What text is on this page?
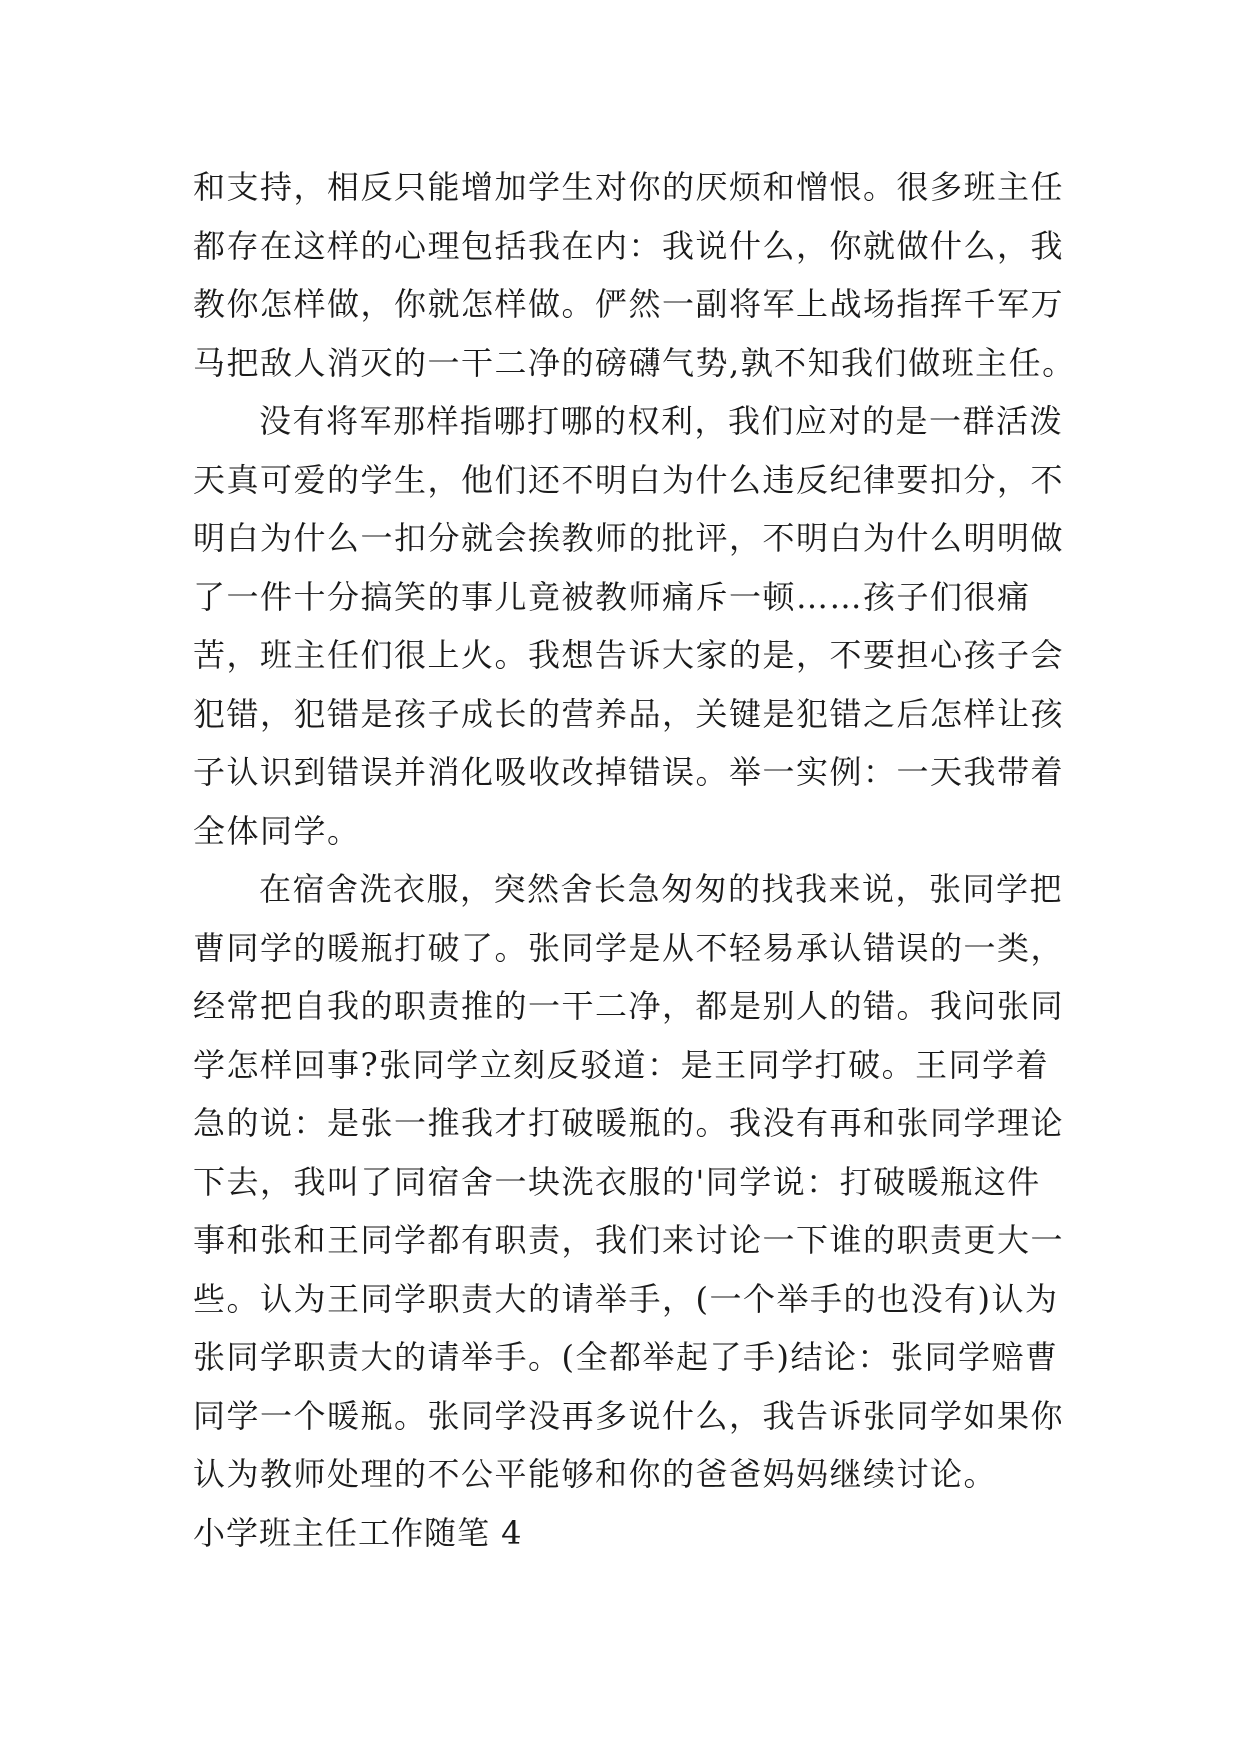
和支持，相反只能增加学生对你的厌烦和憎恨。很多班主任
都存在这样的心理包括我在内：我说什么，你就做什么，我
教你怎样做，你就怎样做。俨然一副将军上战场指挥千军万
马把敌人消灭的一干二净的磅礴气势,孰不知我们做班主任。
没有将军那样指哪打哪的权利，我们应对的是一群活泼
天真可爱的学生，他们还不明白为什么违反纪律要扣分，不
明白为什么一扣分就会挨教师的批评，不明白为什么明明做
了一件十分搞笑的事儿竟被教师痛斥一顿……孩子们很痛
苦，班主任们很上火。我想告诉大家的是，不要担心孩子会
犯错，犯错是孩子成长的营养品，关键是犯错之后怎样让孩
子认识到错误并消化吸收改掉错误。举一实例：一天我带着
全体同学。
在宿舍洗衣服，突然舍长急匆匆的找我来说，张同学把
曹同学的暖瓶打破了。张同学是从不轻易承认错误的一类，
经常把自我的职责推的一干二净，都是别人的错。我问张同
学怎样回事?张同学立刻反驳道：是王同学打破。王同学着
急的说：是张一推我才打破暖瓶的。我没有再和张同学理论
下去，我叫了同宿舍一块洗衣服的'同学说：打破暖瓶这件
事和张和王同学都有职责，我们来讨论一下谁的职责更大一
些。认为王同学职责大的请举手，(一个举手的也没有)认为
张同学职责大的请举手。(全都举起了手)结论：张同学赔曹
同学一个暖瓶。张同学没再多说什么，我告诉张同学如果你
认为教师处理的不公平能够和你的爸爸妈妈继续讨论。
小学班主任工作随笔 4
